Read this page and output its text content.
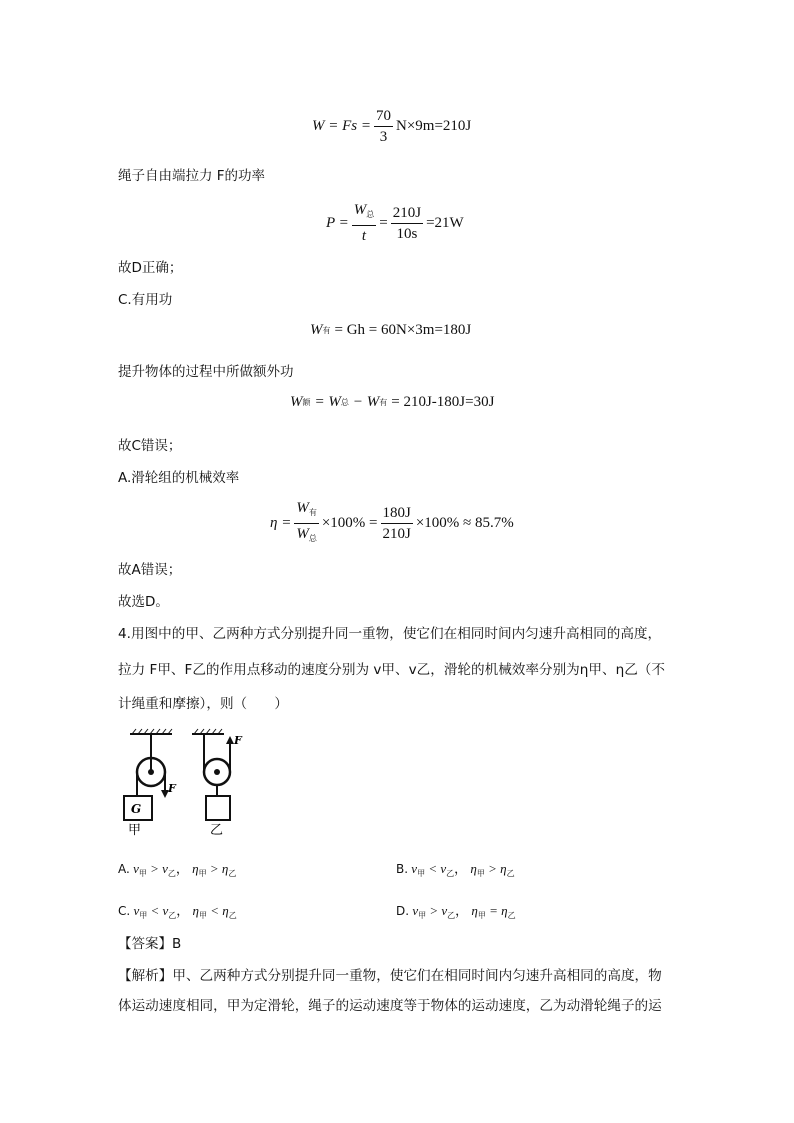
$W = Fs = \frac{70}{3} N\times 9m=210J$
绳子自由端拉力 F的功率
$P = \frac{W_总}{t} = \frac{210J}{10s} =21W$
故D正确；
C.有用功
W 有 = Gh = 60N×3m=180J
提升物体的过程中所做额外功
W 额 = W 总 − W 有 = 210J-180J=30J
故C错误；
A.滑轮组的机械效率
$\eta = \frac{W_有}{W_总} \times 100\% = \frac{180J}{210J} \times 100\% \approx 85.7\%$
故A错误；
故选D。
4.用图中的甲、乙两种方式分别提升同一重物，使它们在相同时间内匀速升高相同的高度，
拉力 F甲、F乙的作用点移动的速度分别为 v甲、v乙，滑轮的机械效率分别为η甲、η乙（不
计绳重和摩擦），则（　　）
F
G
甲
F
乙
A. $v_甲 > v_乙$， $\eta_甲 > \eta_乙$	B. $v_甲 < v_乙$， $\eta_甲 > \eta_乙$
C. $v_甲 < v_乙$， $\eta_甲 < \eta_乙$	D. $v_甲 > v_乙$， $\eta_甲 = \eta_乙$
【答案】B
【解析】甲、乙两种方式分别提升同一重物，使它们在相同时间内匀速升高相同的高度，物
体运动速度相同，甲为定滑轮，绳子的运动速度等于物体的运动速度，乙为动滑轮绳子的运
